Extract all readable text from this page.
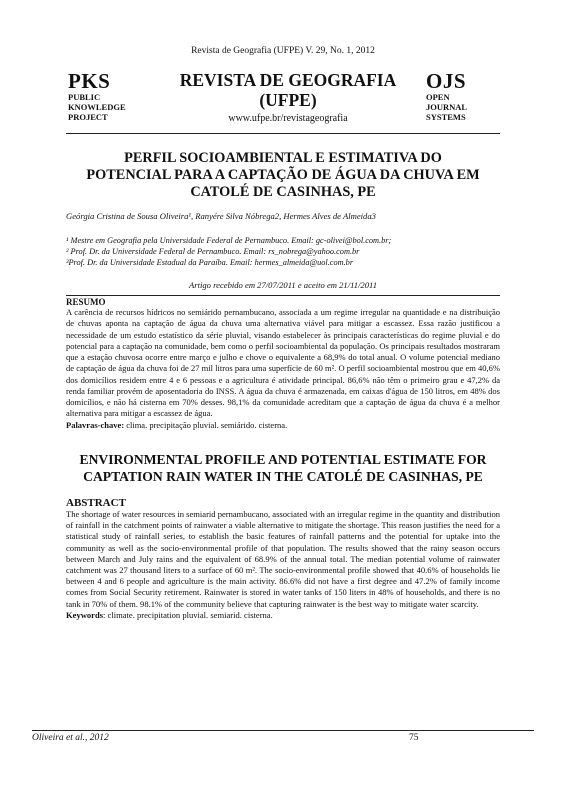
Revista de Geografia (UFPE) V. 29, No. 1, 2012
PKS
PUBLIC
KNOWLEDGE
PROJECT
REVISTA DE GEOGRAFIA
(UFPE)
www.ufpe.br/revistageografia
OJS
OPEN
JOURNAL
SYSTEMS
PERFIL SOCIOAMBIENTAL E ESTIMATIVA DO
POTENCIAL PARA A CAPTAÇÃO DE ÁGUA DA CHUVA EM
CATOLÉ DE CASINHAS, PE
Geórgia Cristina de Sousa Oliveira¹, Ranyére Silva Nóbrega2, Hermes Alves de Almeida3
¹ Mestre em Geografia pela Universidade Federal de Pernambuco. Email: gc-olivei@bol.com.br;
² Prof. Dr. da Universidade Federal de Pernambuco. Email: rs_nobrega@yahoo.com.br
³Prof. Dr. da Universidade Estadual da Paraíba. Email: hermes_almeida@uol.com.br
Artigo recebido em 27/07/2011 e aceito em 21/11/2011
RESUMO
A carência de recursos hídricos no semiárido pernambucano, associada a um regime irregular na quantidade e na distribuição de chuvas aponta na captação de água da chuva uma alternativa viável para mitigar a escassez. Essa razão justificou a necessidade de um estudo estatístico da série pluvial, visando estabelecer às principais características do regime pluvial e do potencial para a captação na comunidade, bem como o perfil socioambiental da população. Os principais resultados mostraram que a estação chuvosa ocorre entre março e julho e chove o equivalente a 68,9% do total anual. O volume potencial mediano de captação de água da chuva foi de 27 mil litros para uma superfície de 60 m². O perfil socioambiental mostrou que em 40,6% dos domicílios residem entre 4 e 6 pessoas e a agricultura é atividade principal. 86,6% não têm o primeiro grau e 47,2% da renda familiar provém de aposentadoria do INSS. A água da chuva é armazenada, em caixas d'água de 150 litros, em 48% dos domicílios, e não há cisterna em 70% desses. 98,1% da comunidade acreditam que a captação de água da chuva é a melhor alternativa para mitigar a escassez de água.
Palavras-chave: clima. precipitação pluvial. semiárido. cisterna.
ENVIRONMENTAL PROFILE AND POTENTIAL ESTIMATE FOR
CAPTATION RAIN WATER IN THE CATOLÉ DE CASINHAS, PE
ABSTRACT
The shortage of water resources in semiarid pernambucano, associated with an irregular regime in the quantity and distribution of rainfall in the catchment points of rainwater a viable alternative to mitigate the shortage. This reason justifies the need for a statistical study of rainfall series, to establish the basic features of rainfall patterns and the potential for uptake into the community as well as the socio-environmental profile of that population. The results showed that the rainy season occurs between March and July rains and the equivalent of 68.9% of the annual total. The median potential volume of rainwater catchment was 27 thousand liters to a surface of 60 m². The socio-environmental profile showed that 40.6% of households lie between 4 and 6 people and agriculture is the main activity. 86.6% did not have a first degree and 47.2% of family income comes from Social Security retirement. Rainwater is stored in water tanks of 150 liters in 48% of households, and there is no tank in 70% of them. 98.1% of the community believe that capturing rainwater is the best way to mitigate water scarcity.
Keywords: climate. precipitation pluvial. semiarid. cisterna.
Oliveira et al., 2012	75
